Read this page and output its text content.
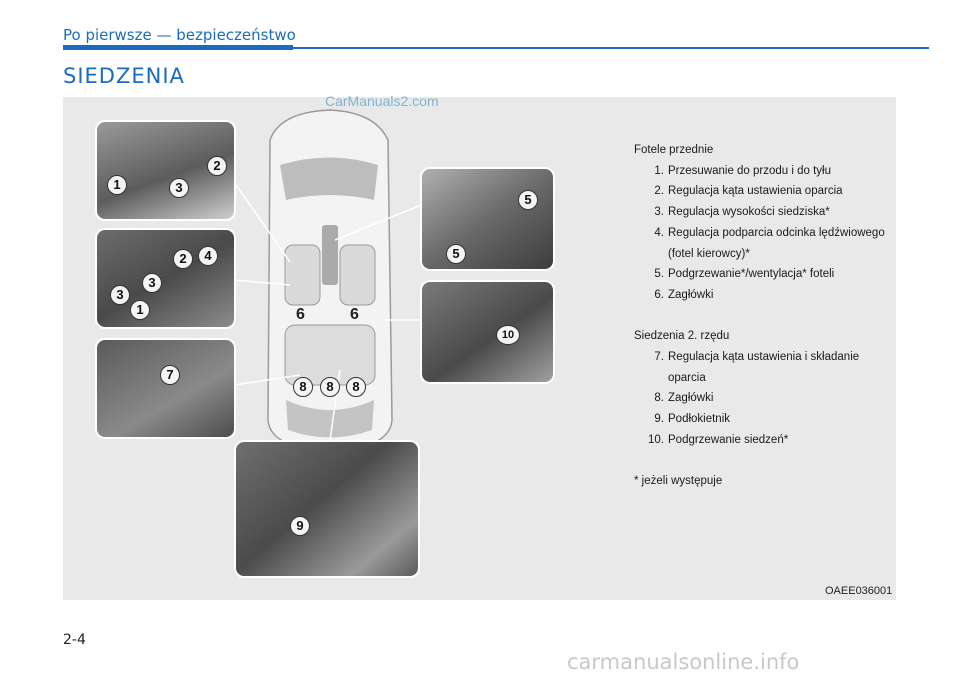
Po pierwsze — bezpieczeństwo
SIEDZENIA
1
2
3
1
2
3
3
4
7
6	6
8	8	8
9
5
5
10
Fotele przednie
1. Przesuwanie do przodu i do tyłu
2. Regulacja kąta ustawienia oparcia
3. Regulacja wysokości siedziska*
4. Regulacja podparcia odcinka lędźwiowego (fotel kierowcy)*
5. Podgrzewanie*/wentylacja* foteli
6. Zagłówki
Siedzenia 2. rzędu
7. Regulacja kąta ustawienia i składanie oparcia
8. Zagłówki
9. Podłokietnik
10. Podgrzewanie siedzeń*
* jeżeli występuje
OAEE036001
CarManuals2.com
2-4
carmanualsonline.info
